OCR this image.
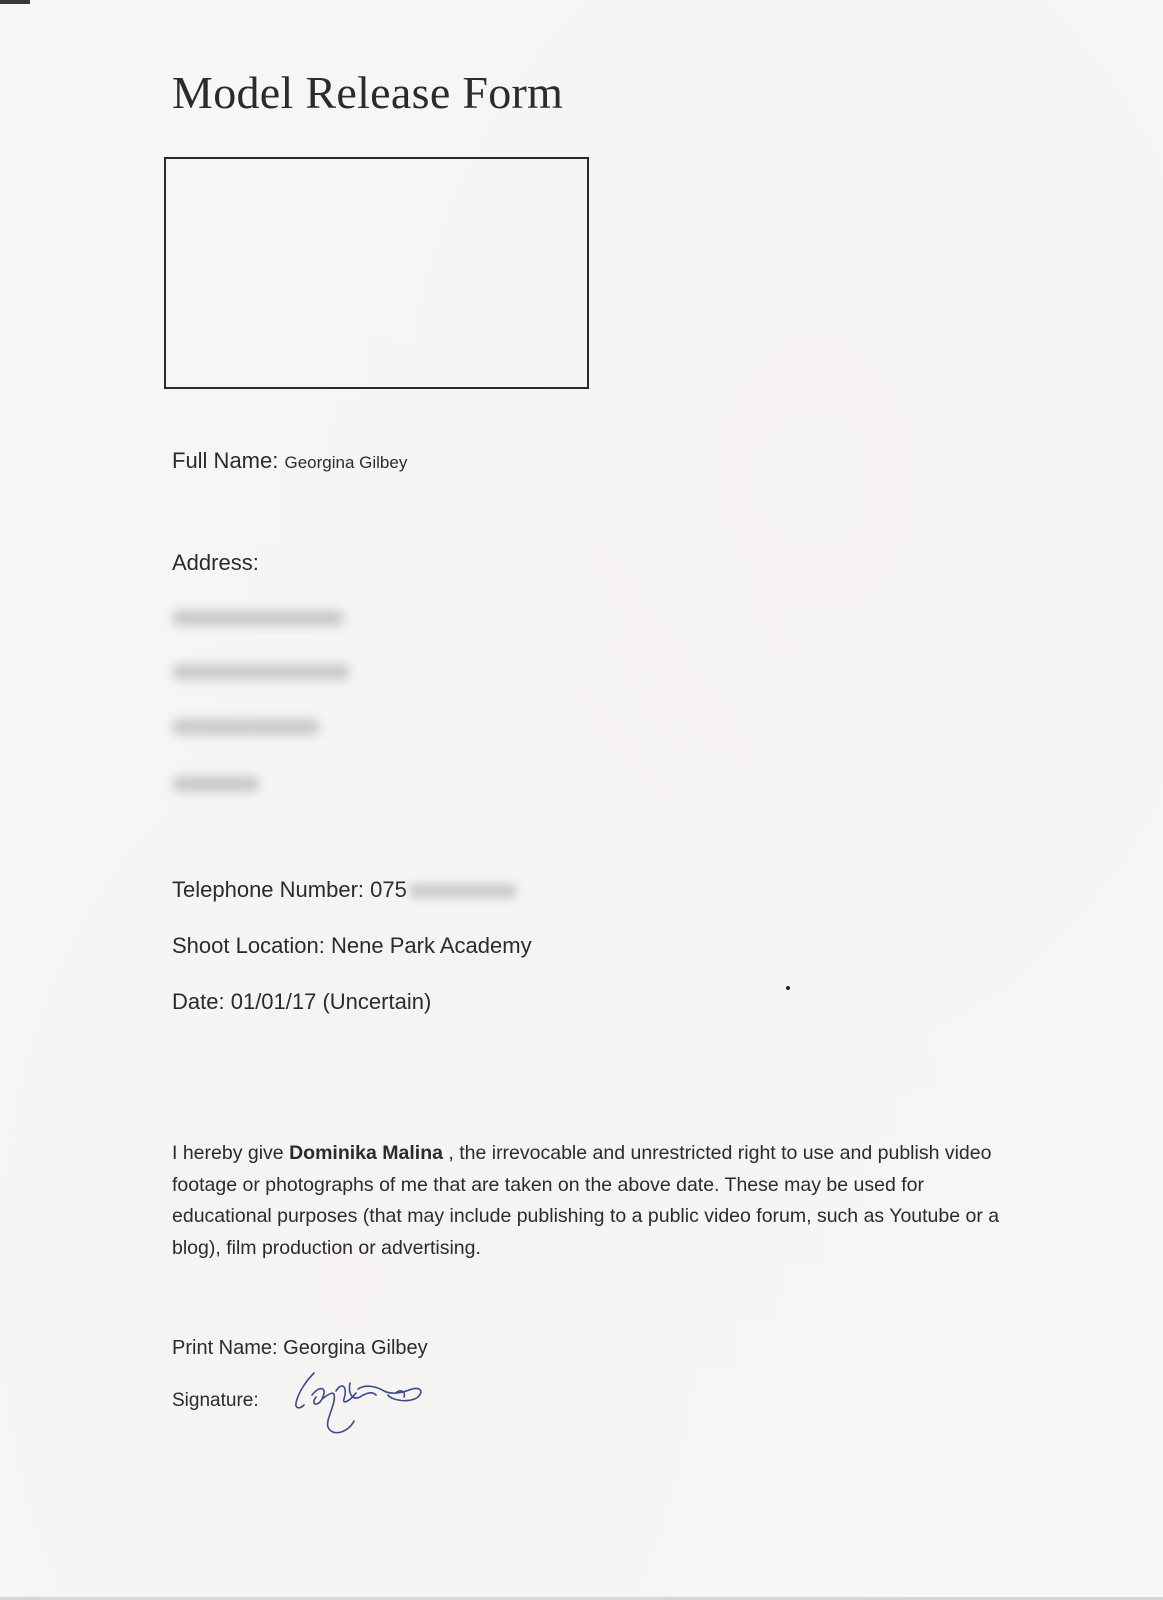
Model Release Form
Full Name: Georgina Gilbey
Address:
Telephone Number: 075
Shoot Location: Nene Park Academy
Date: 01/01/17 (Uncertain)
I hereby give Dominika Malina , the irrevocable and unrestricted right to use and publish video footage or photographs of me that are taken on the above date. These may be used for educational purposes (that may include publishing to a public video forum, such as Youtube or a blog), film production or advertising.
Print Name: Georgina Gilbey
Signature:
